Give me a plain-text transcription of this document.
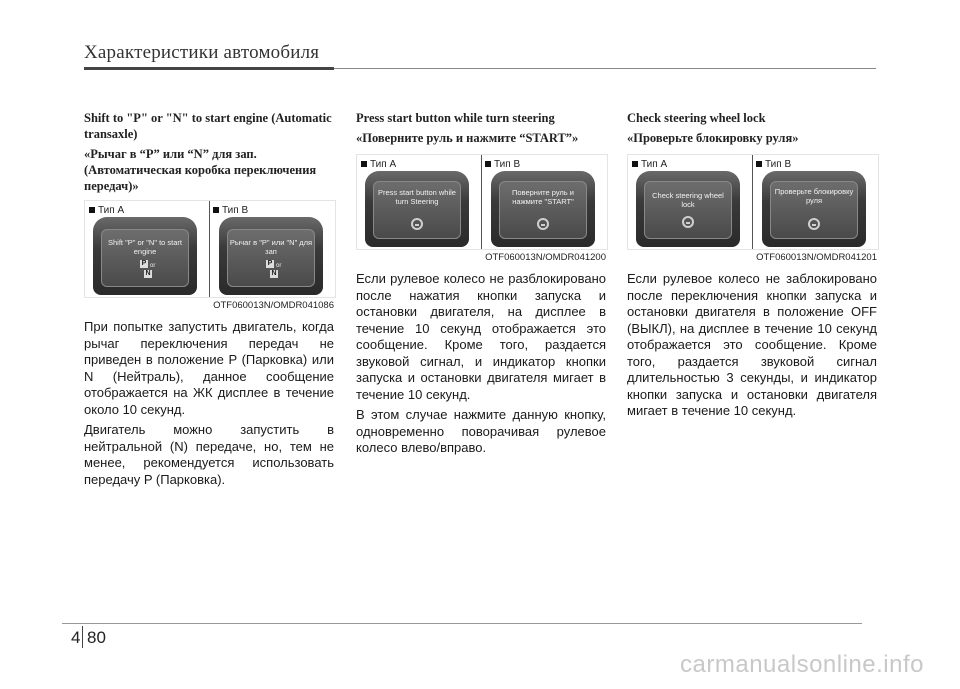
Характеристики автомобиля
Shift to "P" or "N" to start engine (Automatic transaxle)
«Рычаг в “P” или “N” для зап. (Автоматическая коробка переключения передач)»
Тип A	Тип B
Shift "P" or "N" to start engine
P or
N
Рычаг в "P" или "N" для зап
P or
N
OTF060013N/OMDR041086

При попытке запустить двигатель, когда рычаг переключения передач не приведен в положение P (Парковка) или N (Нейтраль), данное сообщение отображается на ЖК дисплее в течение около 10 секунд.

Двигатель можно запустить в нейтральной (N) передаче, но, тем не менее, рекомендуется использовать передачу P (Парковка).

Press start button while turn steering
«Поверните руль и нажмите “START”»
Тип A	Тип B
Press start button while turn Steering
Поверните руль и нажмите "START"
OTF060013N/OMDR041200

Если рулевое колесо не разблокировано после нажатия кнопки запуска и остановки двигателя, на дисплее в течение 10 секунд отображается это сообщение. Кроме того, раздается звуковой сигнал, и индикатор кнопки запуска и остановки двигателя мигает в течение 10 секунд.

В этом случае нажмите данную кнопку, одновременно поворачивая рулевое колесо влево/вправо.

Check steering wheel lock
«Проверьте блокировку руля»
Тип A	Тип B
Check steering wheel lock
Проверьте блокировку руля
OTF060013N/OMDR041201

Если рулевое колесо не заблокировано после переключения кнопки запуска и остановки двигателя в положение OFF (ВЫКЛ), на дисплее в течение 10 секунд отображается это сообщение. Кроме того, раздается звуковой сигнал длительностью 3 секунды, и индикатор кнопки запуска и остановки двигателя мигает в течение 10 секунд.

4 80
carmanualsonline.info
